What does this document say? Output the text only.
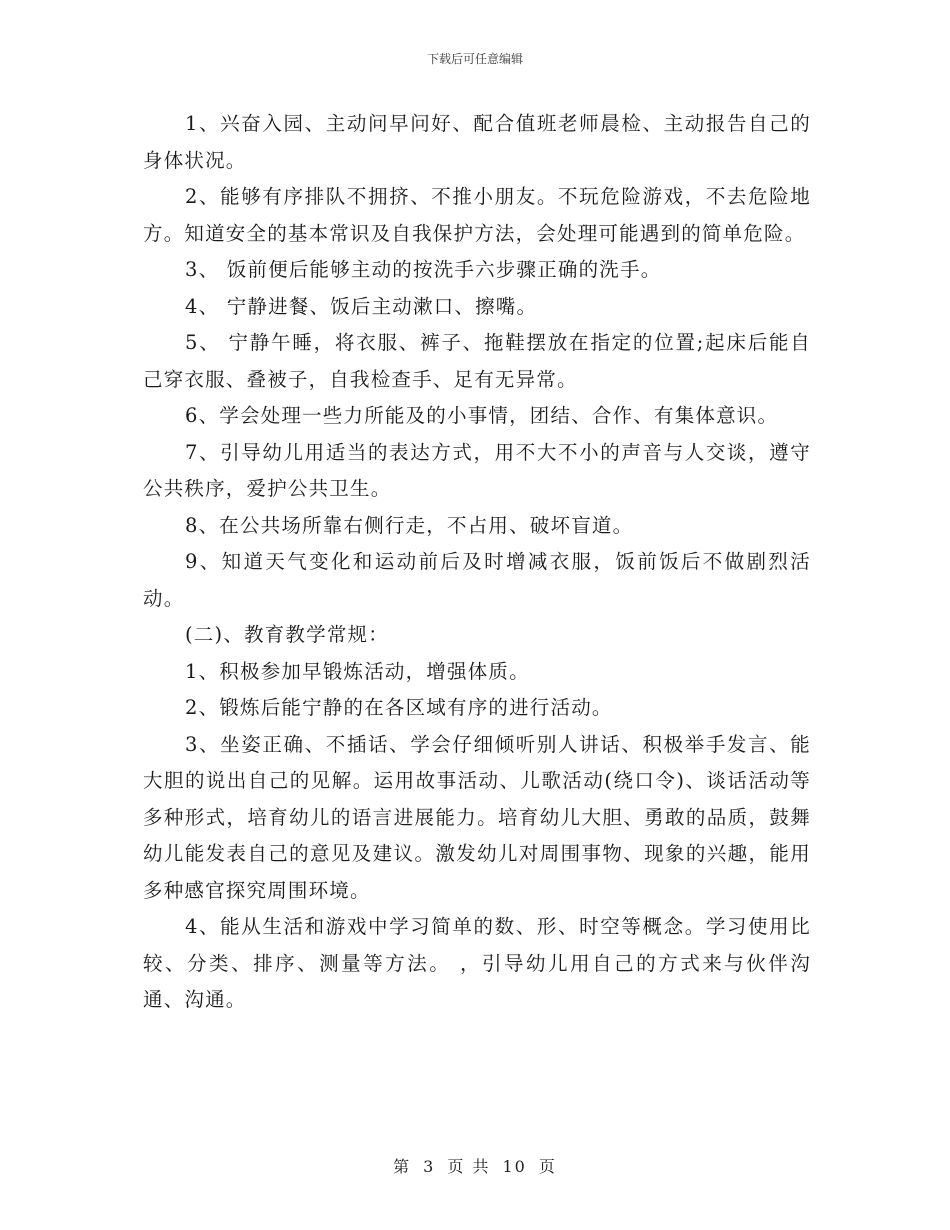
下载后可任意编辑

1、兴奋入园、主动问早问好、配合值班老师晨检、主动报告自己的身体状况。

2、能够有序排队不拥挤、不推小朋友。不玩危险游戏，不去危险地方。知道安全的基本常识及自我保护方法，会处理可能遇到的简单危险。

3、 饭前便后能够主动的按洗手六步骤正确的洗手。

4、 宁静进餐、饭后主动漱口、擦嘴。

5、 宁静午睡，将衣服、裤子、拖鞋摆放在指定的位置;起床后能自己穿衣服、叠被子，自我检查手、足有无异常。

6、学会处理一些力所能及的小事情，团结、合作、有集体意识。

7、引导幼儿用适当的表达方式，用不大不小的声音与人交谈，遵守公共秩序，爱护公共卫生。

8、在公共场所靠右侧行走，不占用、破坏盲道。

9、知道天气变化和运动前后及时增减衣服，饭前饭后不做剧烈活动。

(二)、教育教学常规：

1、积极参加早锻炼活动，增强体质。

2、锻炼后能宁静的在各区域有序的进行活动。

3、坐姿正确、不插话、学会仔细倾听别人讲话、积极举手发言、能大胆的说出自己的见解。运用故事活动、儿歌活动(绕口令)、谈话活动等多种形式，培育幼儿的语言进展能力。培育幼儿大胆、勇敢的品质，鼓舞幼儿能发表自己的意见及建议。激发幼儿对周围事物、现象的兴趣，能用多种感官探究周围环境。

4、能从生活和游戏中学习简单的数、形、时空等概念。学习使用比较、分类、排序、测量等方法。 ，引导幼儿用自己的方式来与伙伴沟通、沟通。

第 3 页 共 10 页
